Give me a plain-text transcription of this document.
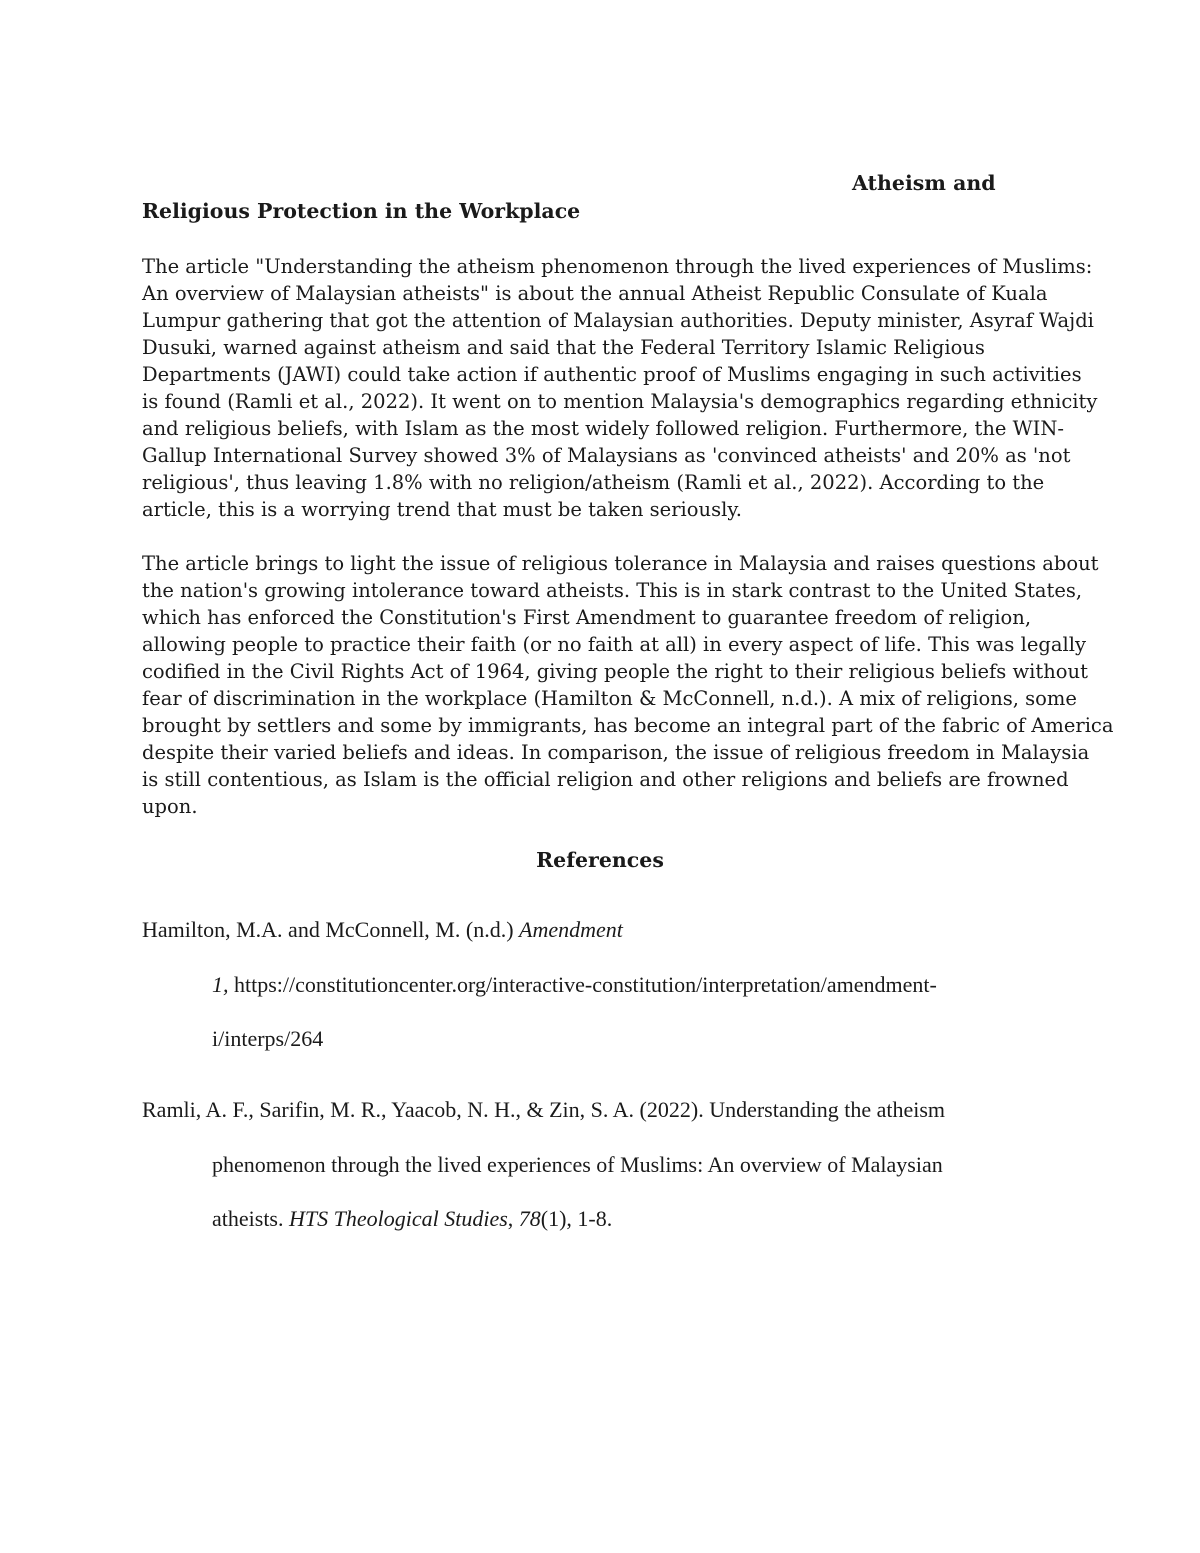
Atheism and
Religious Protection in the Workplace
The article "Understanding the atheism phenomenon through the lived experiences of Muslims:
An overview of Malaysian atheists" is about the annual Atheist Republic Consulate of Kuala
Lumpur gathering that got the attention of Malaysian authorities. Deputy minister, Asyraf Wajdi
Dusuki, warned against atheism and said that the Federal Territory Islamic Religious
Departments (JAWI) could take action if authentic proof of Muslims engaging in such activities
is found (Ramli et al., 2022). It went on to mention Malaysia's demographics regarding ethnicity
and religious beliefs, with Islam as the most widely followed religion. Furthermore, the WIN-
Gallup International Survey showed 3% of Malaysians as 'convinced atheists' and 20% as 'not
religious', thus leaving 1.8% with no religion/atheism (Ramli et al., 2022). According to the
article, this is a worrying trend that must be taken seriously.
The article brings to light the issue of religious tolerance in Malaysia and raises questions about
the nation's growing intolerance toward atheists. This is in stark contrast to the United States,
which has enforced the Constitution's First Amendment to guarantee freedom of religion,
allowing people to practice their faith (or no faith at all) in every aspect of life. This was legally
codified in the Civil Rights Act of 1964, giving people the right to their religious beliefs without
fear of discrimination in the workplace (Hamilton & McConnell, n.d.). A mix of religions, some
brought by settlers and some by immigrants, has become an integral part of the fabric of America
despite their varied beliefs and ideas. In comparison, the issue of religious freedom in Malaysia
is still contentious, as Islam is the official religion and other religions and beliefs are frowned
upon.
References
Hamilton, M.A. and McConnell, M. (n.d.) Amendment
1, https://constitutioncenter.org/interactive-constitution/interpretation/amendment-
i/interps/264
Ramli, A. F., Sarifin, M. R., Yaacob, N. H., & Zin, S. A. (2022). Understanding the atheism
phenomenon through the lived experiences of Muslims: An overview of Malaysian
atheists. HTS Theological Studies, 78(1), 1-8.
